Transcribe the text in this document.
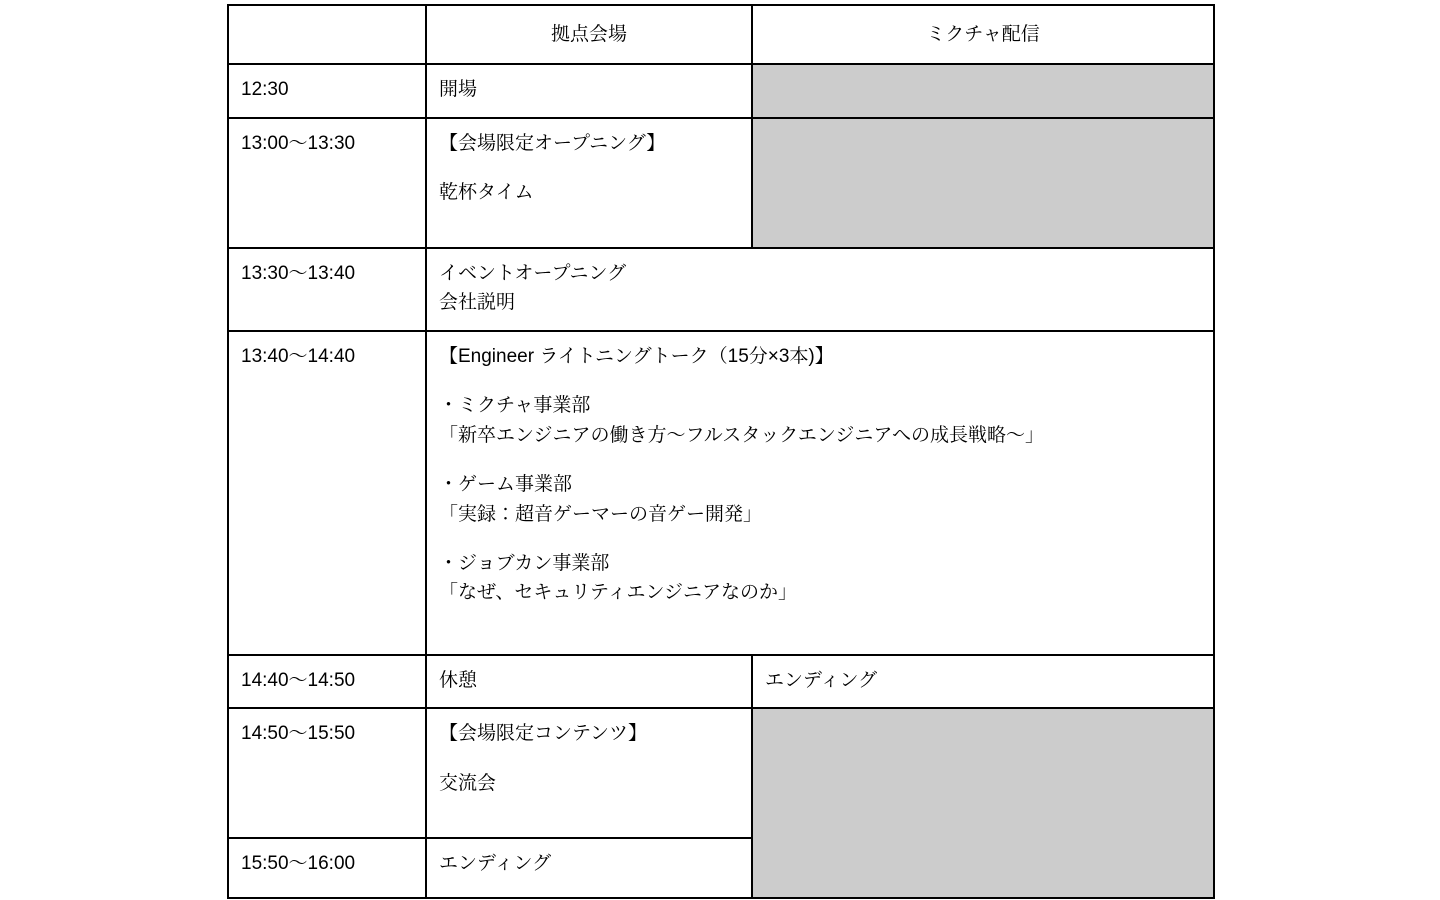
	拠点会場	ミクチャ配信
12:30	開場	

13:00〜13:30	【会場限定オープニング】
乾杯タイム	

13:30〜13:40	イベントオープニング
会社説明	

13:40〜14:40	【Engineer ライトニングトーク（15分×3本)】
・ミクチャ事業部
「新卒エンジニアの働き方〜フルスタックエンジニアへの成長戦略〜」
・ゲーム事業部
「実録：超音ゲーマーの音ゲー開発」
・ジョブカン事業部
「なぜ、セキュリティエンジニアなのか」

14:40〜14:50	休憩	エンディング

14:50〜15:50	【会場限定コンテンツ】
交流会	

15:50〜16:00	エンディング	
